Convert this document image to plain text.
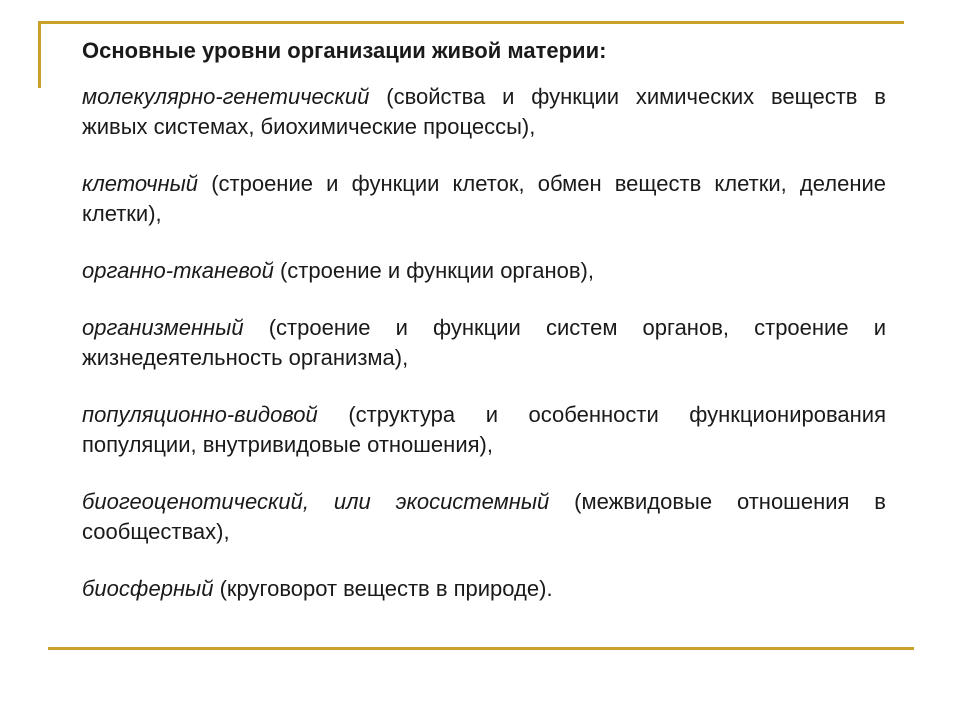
Основные уровни организации живой материи:
молекулярно-генетический (свойства и функции химических веществ в живых системах, биохимические процессы),
клеточный (строение и функции клеток, обмен веществ клетки, деление клетки),
органно-тканевой (строение и функции органов),
организменный (строение и функции систем органов, строение и жизнедеятельность организма),
популяционно-видовой (структура и особенности функционирования популяции, внутривидовые отношения),
биогеоценотический, или экосистемный (межвидовые отношения в сообществах),
биосферный (круговорот веществ в природе).
